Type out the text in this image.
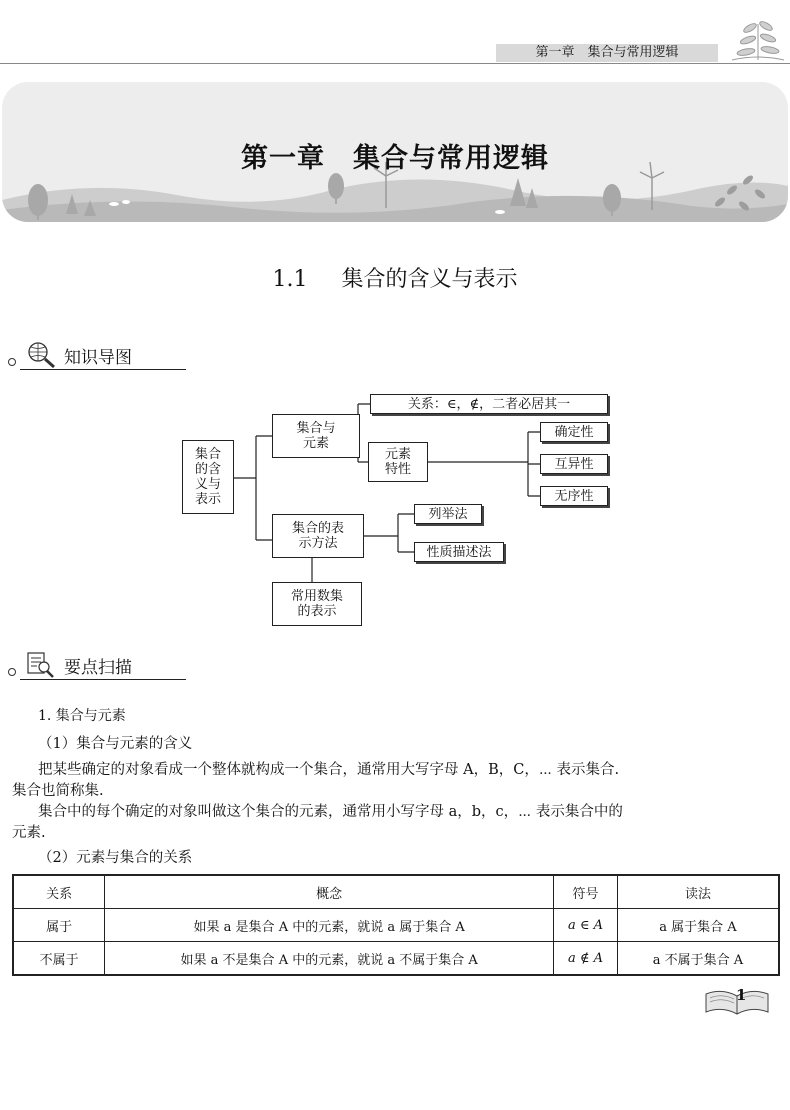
第一章　集合与常用逻辑
第一章　集合与常用逻辑
1.1 集合的含义与表示
知识导图
集合
的含
义与
表示
集合与
元素
关系：∈，∉，二者必居其一
元素
特性
确定性
互异性
无序性
集合的表
示方法
列举法
性质描述法
常用数集
的表示
要点扫描
1. 集合与元素
（1）集合与元素的含义
把某些确定的对象看成一个整体就构成一个集合，通常用大写字母 A，B，C，⋯ 表示集合.
集合也简称集.
集合中的每个确定的对象叫做这个集合的元素，通常用小写字母 a，b，c，⋯ 表示集合中的
元素.
（2）元素与集合的关系
关系	概念	符号	读法
属于	如果 a 是集合 A 中的元素，就说 a 属于集合 A	a ∈ A	a 属于集合 A
不属于	如果 a 不是集合 A 中的元素，就说 a 不属于集合 A	a ∉ A	a 不属于集合 A
1
